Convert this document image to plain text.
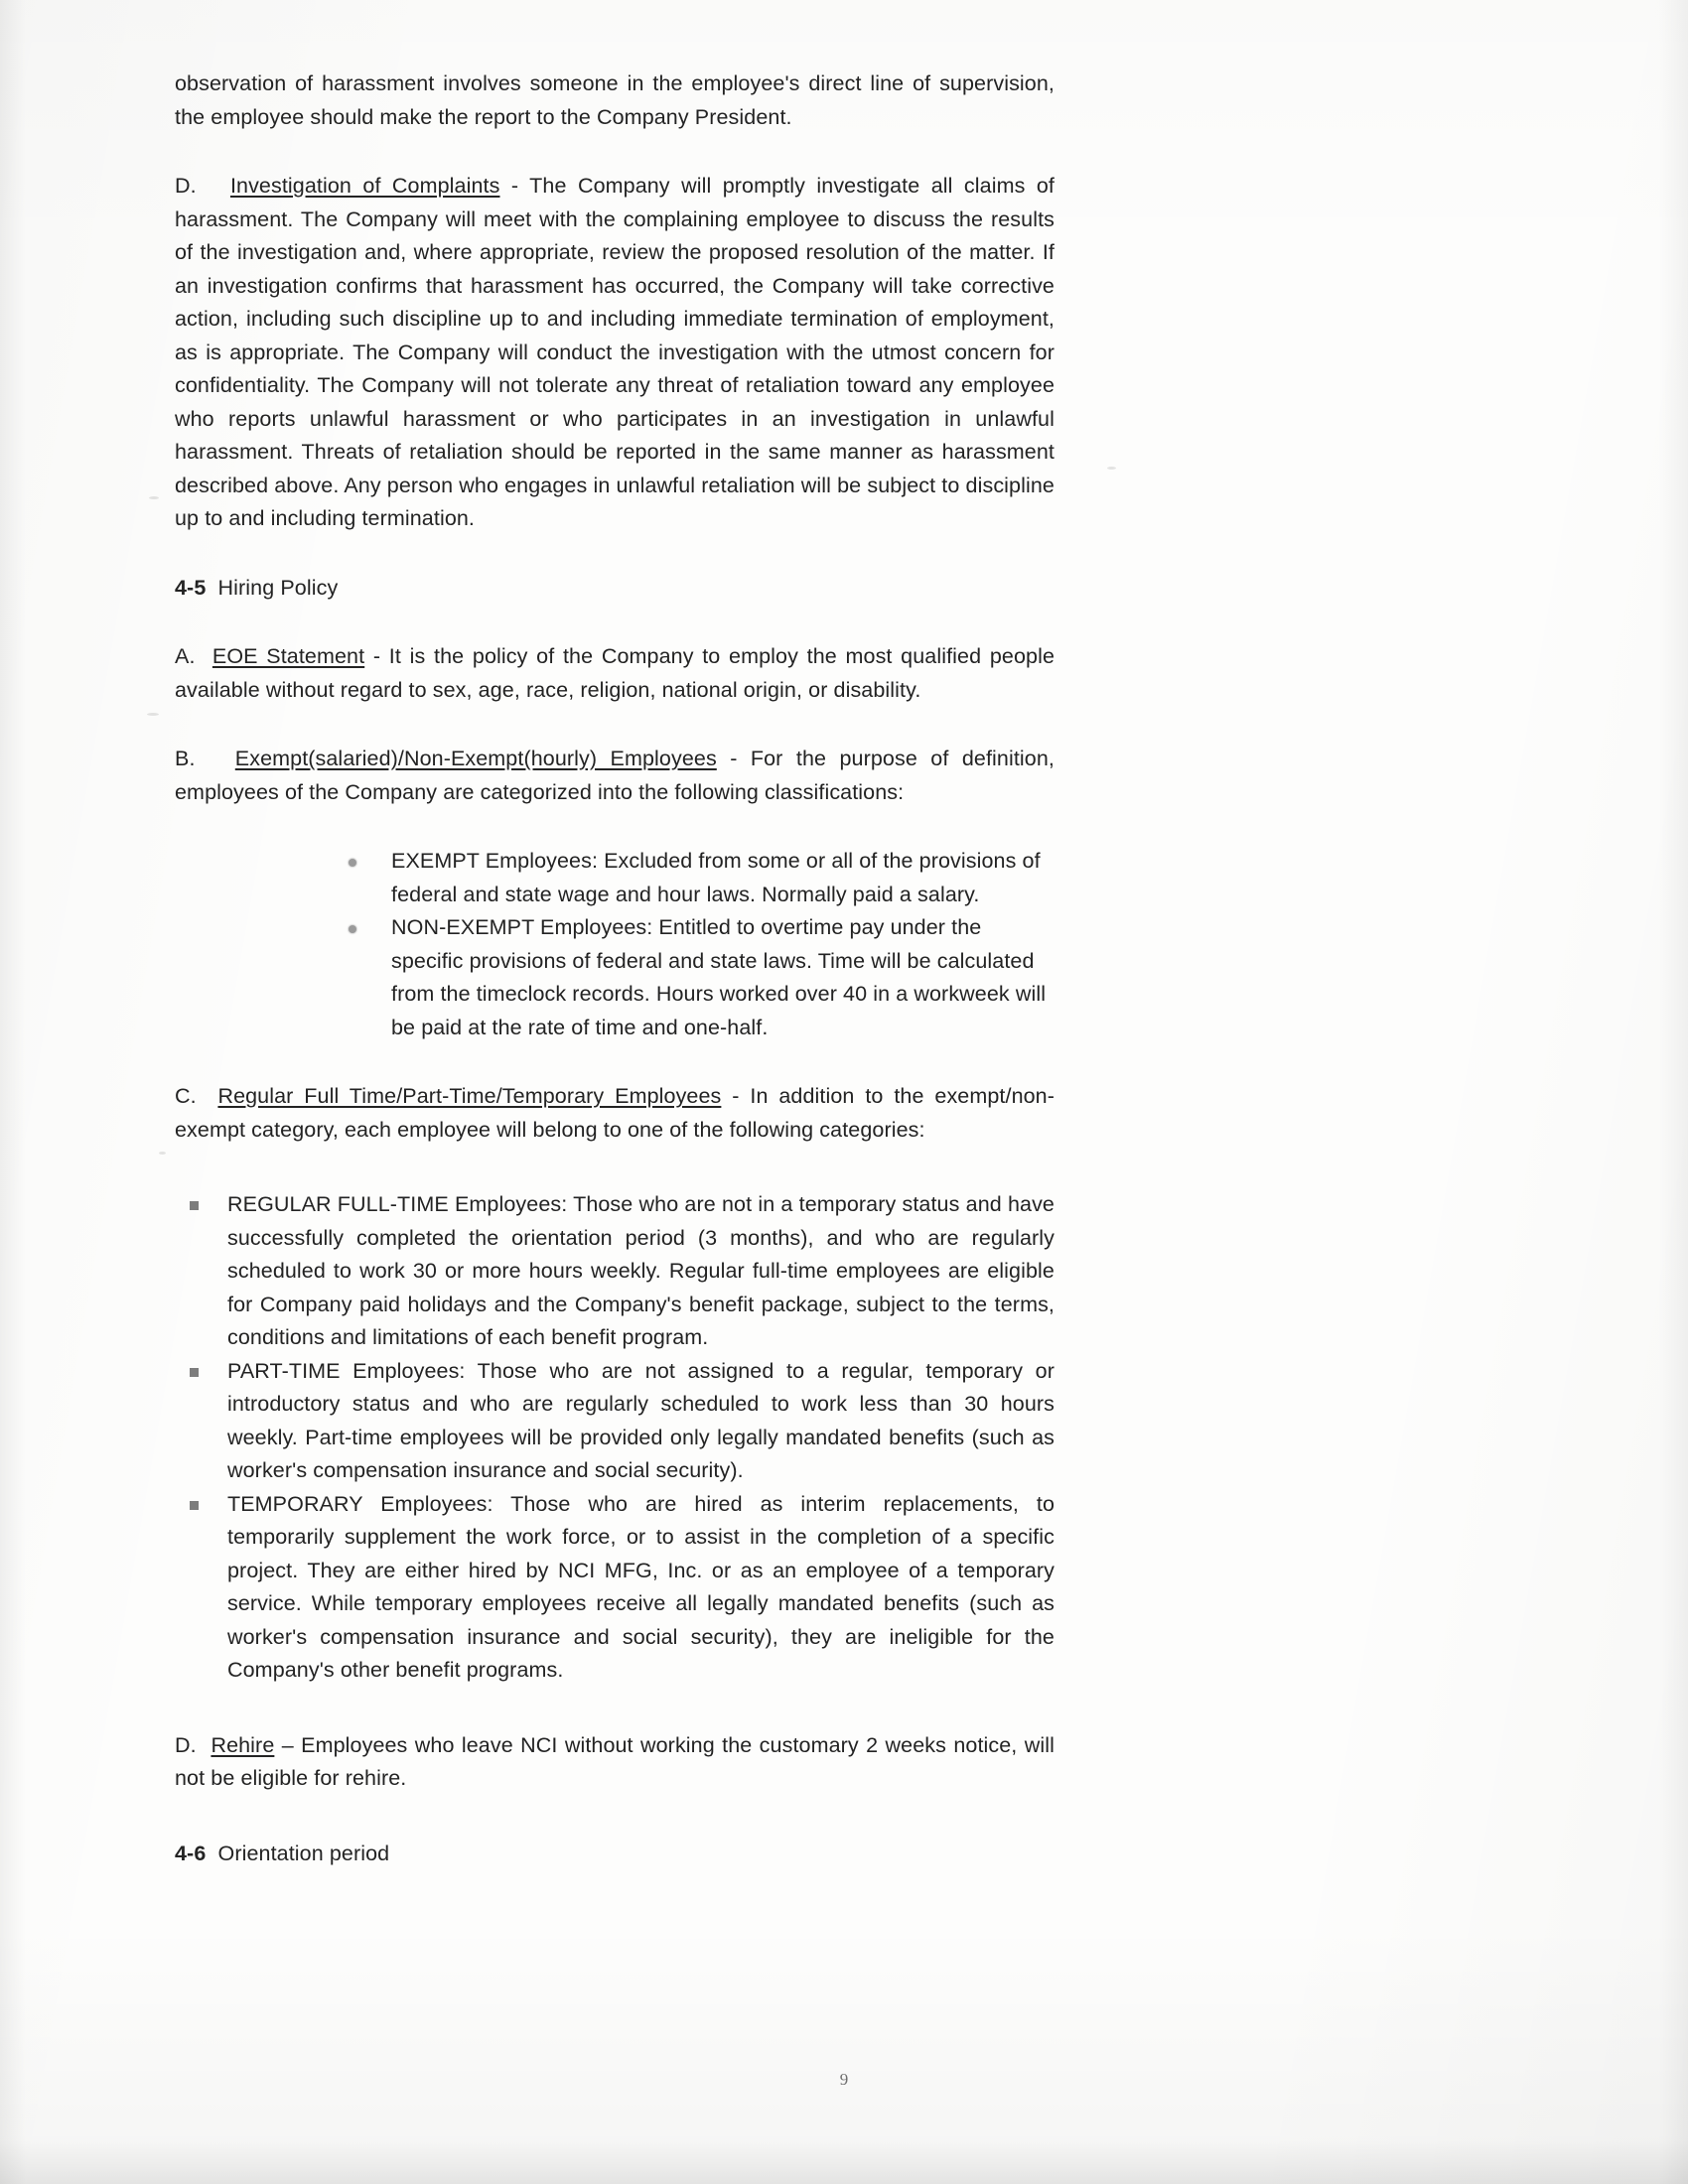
observation of harassment involves someone in the employee's direct line of supervision, the employee should make the report to the Company President.

D. Investigation of Complaints - The Company will promptly investigate all claims of harassment. The Company will meet with the complaining employee to discuss the results of the investigation and, where appropriate, review the proposed resolution of the matter. If an investigation confirms that harassment has occurred, the Company will take corrective action, including such discipline up to and including immediate termination of employment, as is appropriate. The Company will conduct the investigation with the utmost concern for confidentiality. The Company will not tolerate any threat of retaliation toward any employee who reports unlawful harassment or who participates in an investigation in unlawful harassment. Threats of retaliation should be reported in the same manner as harassment described above. Any person who engages in unlawful retaliation will be subject to discipline up to and including termination.

4-5 Hiring Policy

A. EOE Statement - It is the policy of the Company to employ the most qualified people available without regard to sex, age, race, religion, national origin, or disability.

B. Exempt(salaried)/Non-Exempt(hourly) Employees - For the purpose of definition, employees of the Company are categorized into the following classifications:

EXEMPT Employees: Excluded from some or all of the provisions of federal and state wage and hour laws. Normally paid a salary.
NON-EXEMPT Employees: Entitled to overtime pay under the specific provisions of federal and state laws. Time will be calculated from the timeclock records. Hours worked over 40 in a workweek will be paid at the rate of time and one-half.

C. Regular Full Time/Part-Time/Temporary Employees - In addition to the exempt/non-exempt category, each employee will belong to one of the following categories:

REGULAR FULL-TIME Employees: Those who are not in a temporary status and have successfully completed the orientation period (3 months), and who are regularly scheduled to work 30 or more hours weekly. Regular full-time employees are eligible for Company paid holidays and the Company's benefit package, subject to the terms, conditions and limitations of each benefit program.
PART-TIME Employees: Those who are not assigned to a regular, temporary or introductory status and who are regularly scheduled to work less than 30 hours weekly. Part-time employees will be provided only legally mandated benefits (such as worker's compensation insurance and social security).
TEMPORARY Employees: Those who are hired as interim replacements, to temporarily supplement the work force, or to assist in the completion of a specific project. They are either hired by NCI MFG, Inc. or as an employee of a temporary service. While temporary employees receive all legally mandated benefits (such as worker's compensation insurance and social security), they are ineligible for the Company's other benefit programs.

D. Rehire – Employees who leave NCI without working the customary 2 weeks notice, will not be eligible for rehire.

4-6 Orientation period

9
